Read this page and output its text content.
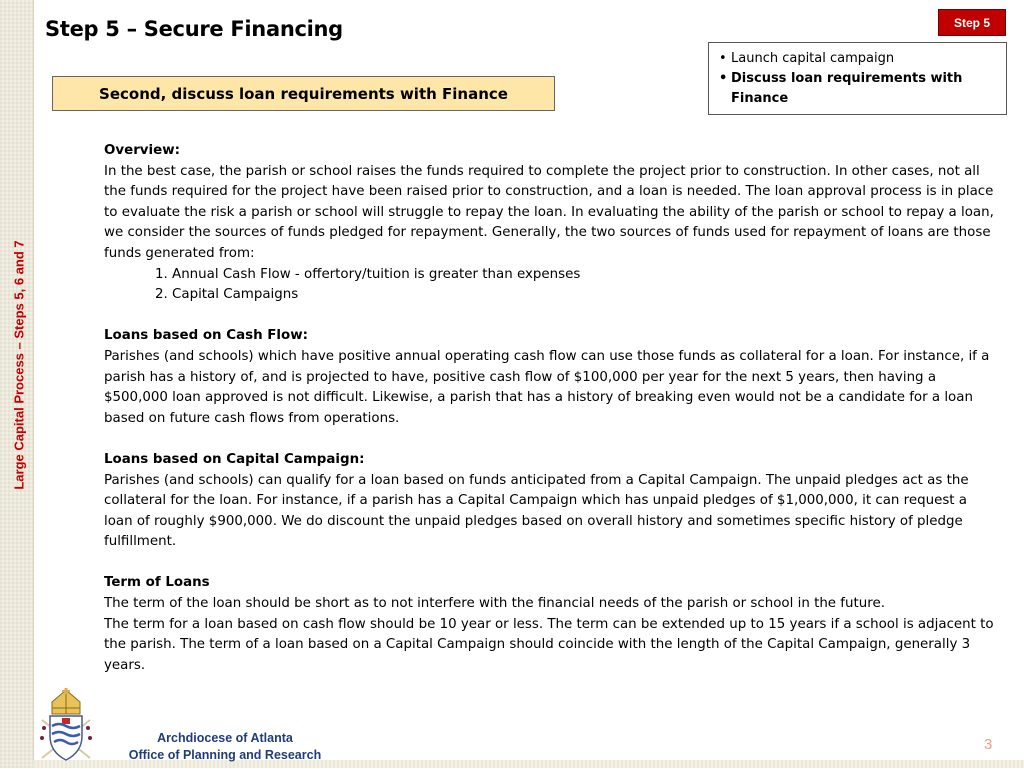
Large Capital Process – Steps 5, 6 and 7
Step 5 – Secure Financing	Step 5
• Launch capital campaign
• Discuss loan requirements with Finance
Second, discuss loan requirements with Finance

Overview:

In the best case, the parish or school raises the funds required to complete the project prior to construction. In other cases, not all the funds required for the project have been raised prior to construction, and a loan is needed. The loan approval process is in place to evaluate the risk a parish or school will struggle to repay the loan. In evaluating the ability of the parish or school to repay a loan, we consider the sources of funds pledged for repayment. Generally, the two sources of funds used for repayment of loans are those funds generated from:

1. Annual Cash Flow - offertory/tuition is greater than expenses

2. Capital Campaigns

Loans based on Cash Flow:

Parishes (and schools) which have positive annual operating cash flow can use those funds as collateral for a loan. For instance, if a parish has a history of, and is projected to have, positive cash flow of $100,000 per year for the next 5 years, then having a $500,000 loan approved is not difficult. Likewise, a parish that has a history of breaking even would not be a candidate for a loan based on future cash flows from operations.

Loans based on Capital Campaign:

Parishes (and schools) can qualify for a loan based on funds anticipated from a Capital Campaign. The unpaid pledges act as the collateral for the loan. For instance, if a parish has a Capital Campaign which has unpaid pledges of $1,000,000, it can request a loan of roughly $900,000. We do discount the unpaid pledges based on overall history and sometimes specific history of pledge fulfillment.

Term of Loans

The term of the loan should be short as to not interfere with the financial needs of the parish or school in the future.

The term for a loan based on cash flow should be 10 year or less. The term can be extended up to 15 years if a school is adjacent to the parish. The term of a loan based on a Capital Campaign should coincide with the length of the Capital Campaign, generally 3 years.

Archdiocese of Atlanta
Office of Planning and Research
3
